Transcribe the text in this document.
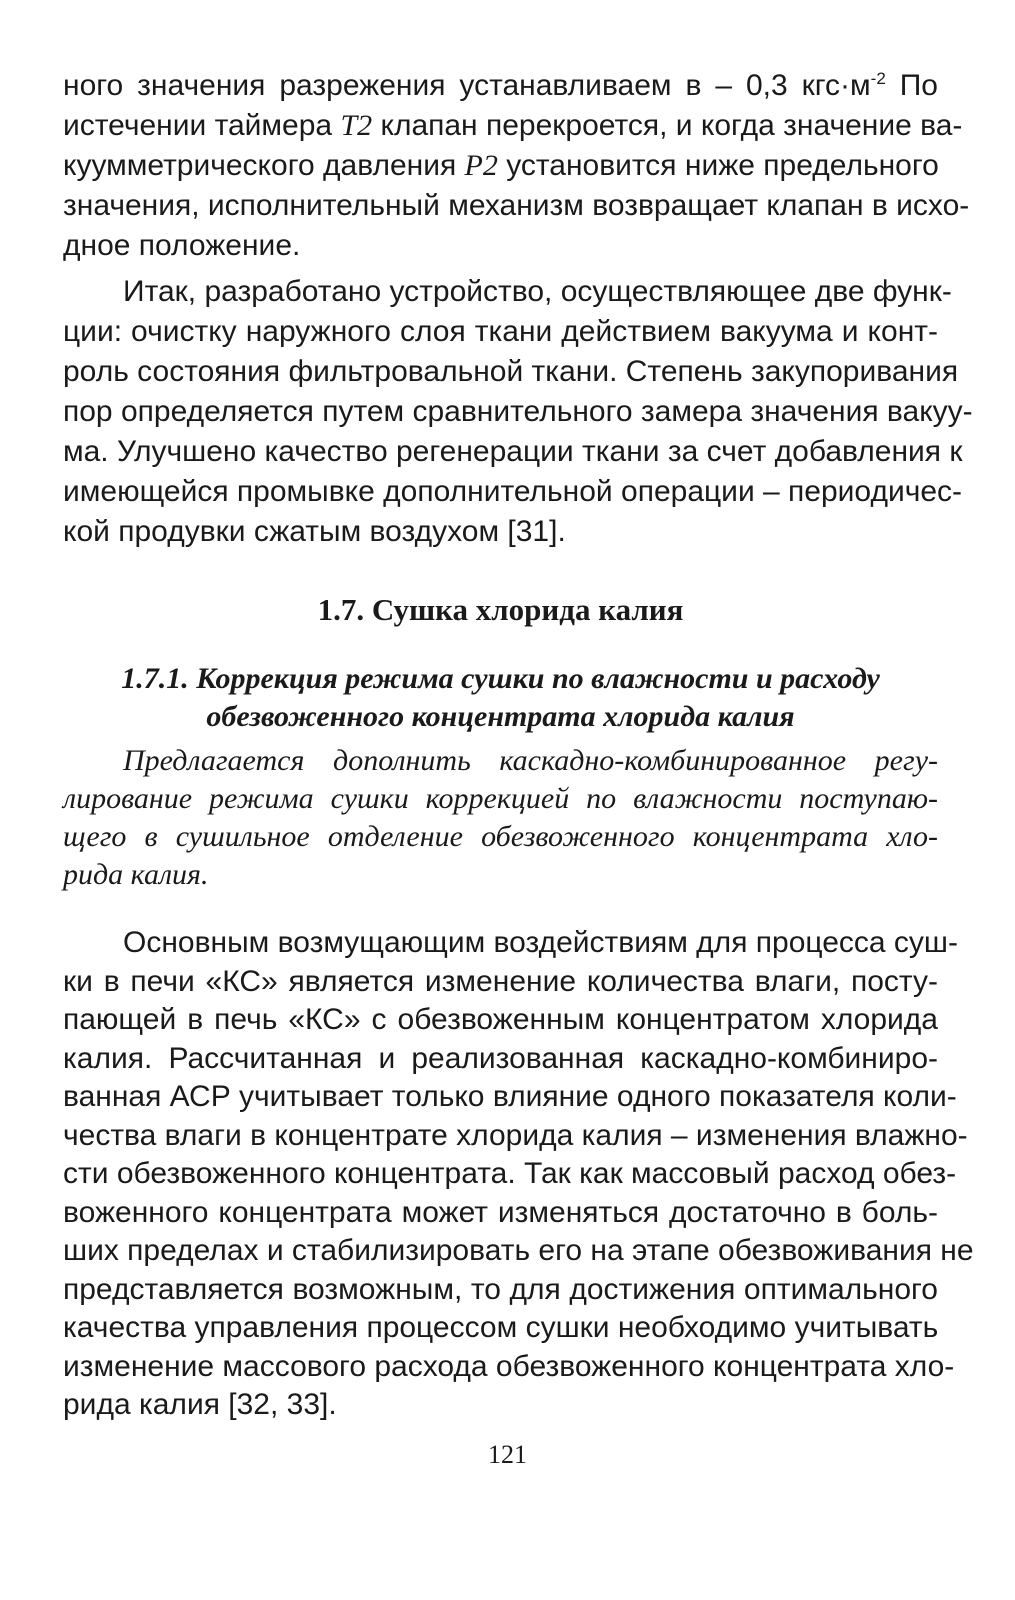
ного значения разрежения устанавливаем в – 0,3 $кгс\cdot м^{-2}$ По
истечении таймера Т2 клапан перекроется, и когда значение ва-
куумметрического давления Р2 установится ниже предельного
значения, исполнительный механизм возвращает клапан в исхо-
дное положение.
Итак, разработано устройство, осуществляющее две функ-
ции: очистку наружного слоя ткани действием вакуума и конт-
роль состояния фильтровальной ткани. Степень закупоривания
пор определяется путем сравнительного замера значения вакуу-
ма. Улучшено качество регенерации ткани за счет добавления к
имеющейся промывке дополнительной операции – периодичес-
кой продувки сжатым воздухом [31].
1.7. Сушка хлорида калия
1.7.1. Коррекция режима сушки по влажности и расходу
обезвоженного концентрата хлорида калия
Предлагается дополнить каскадно-комбинированное регу-
лирование режима сушки коррекцией по влажности поступаю-
щего в сушильное отделение обезвоженного концентрата хло-
рида калия.
Основным возмущающим воздействиям для процесса суш-
ки в печи «КС» является изменение количества влаги, посту-
пающей в печь «КС» с обезвоженным концентратом хлорида
калия. Рассчитанная и реализованная каскадно-комбиниро-
ванная АСР учитывает только влияние одного показателя коли-
чества влаги в концентрате хлорида калия – изменения влажно-
сти обезвоженного концентрата. Так как массовый расход обез-
воженного концентрата может изменяться достаточно в боль-
ших пределах и стабилизировать его на этапе обезвоживания не
представляется возможным, то для достижения оптимального
качества управления процессом сушки необходимо учитывать
изменение массового расхода обезвоженного концентрата хло-
рида калия [32, 33].
121
